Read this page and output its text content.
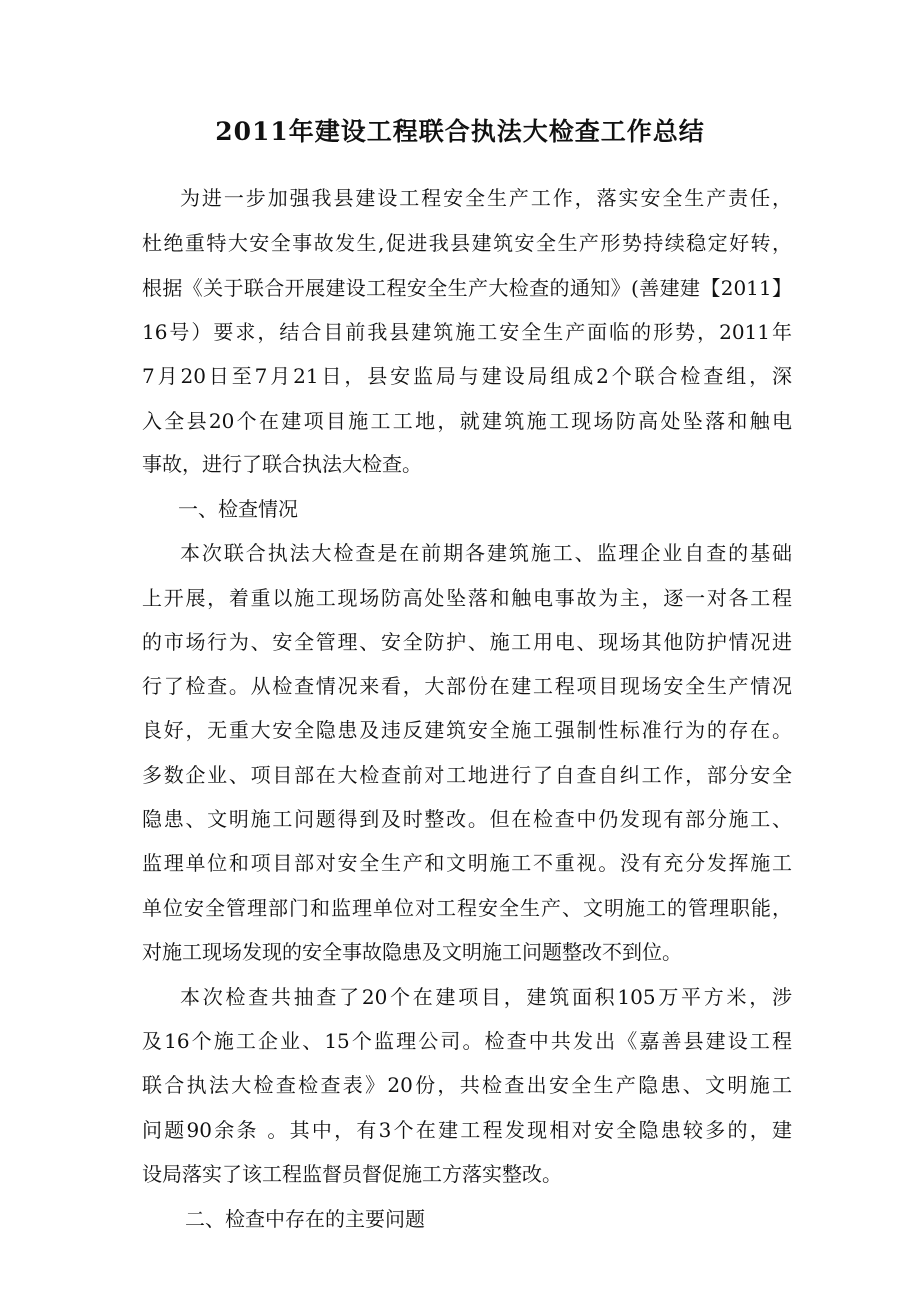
2011年建设工程联合执法大检查工作总结
为进一步加强我县建设工程安全生产工作，落实安全生产责任，
杜绝重特大安全事故发生,促进我县建筑安全生产形势持续稳定好转，
根据《关于联合开展建设工程安全生产大检查的通知》(善建建【2011】
16号）要求，结合目前我县建筑施工安全生产面临的形势，2011年
7月20日至7月21日，县安监局与建设局组成2个联合检查组，深
入全县20个在建项目施工工地，就建筑施工现场防高处坠落和触电
事故，进行了联合执法大检查。
一、检查情况
本次联合执法大检查是在前期各建筑施工、监理企业自查的基础
上开展，着重以施工现场防高处坠落和触电事故为主，逐一对各工程
的市场行为、安全管理、安全防护、施工用电、现场其他防护情况进
行了检查。从检查情况来看，大部份在建工程项目现场安全生产情况
良好，无重大安全隐患及违反建筑安全施工强制性标准行为的存在。
多数企业、项目部在大检查前对工地进行了自查自纠工作，部分安全
隐患、文明施工问题得到及时整改。但在检查中仍发现有部分施工、
监理单位和项目部对安全生产和文明施工不重视。没有充分发挥施工
单位安全管理部门和监理单位对工程安全生产、文明施工的管理职能，
对施工现场发现的安全事故隐患及文明施工问题整改不到位。
本次检查共抽查了20个在建项目，建筑面积105万平方米，涉
及16个施工企业、15个监理公司。检查中共发出《嘉善县建设工程
联合执法大检查检查表》20份，共检查出安全生产隐患、文明施工
问题90余条 。其中，有3个在建工程发现相对安全隐患较多的，建
设局落实了该工程监督员督促施工方落实整改。
二、检查中存在的主要问题
